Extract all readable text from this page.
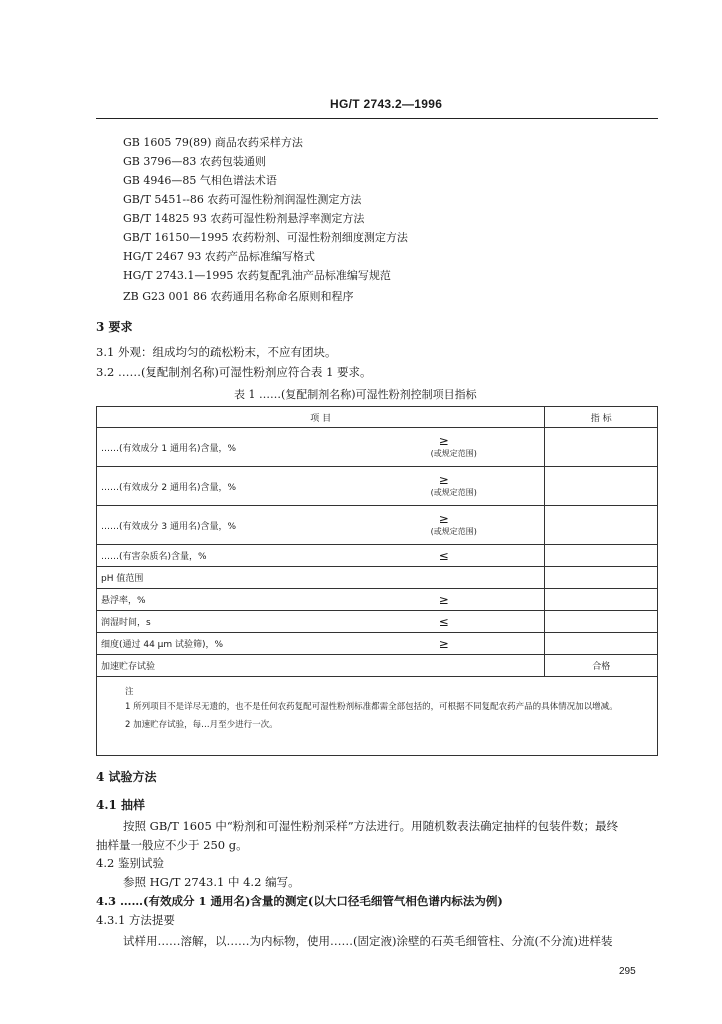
HG/T 2743.2—1996
GB 1605 79(89) 商品农药采样方法
GB 3796—83 农药包装通则
GB 4946—85 气相色谱法术语
GB/T 5451--86 农药可湿性粉剂润湿性测定方法
GB/T 14825 93 农药可湿性粉剂悬浮率测定方法
GB/T 16150—1995 农药粉剂、可湿性粉剂细度测定方法
HG/T 2467 93 农药产品标准编写格式
HG/T 2743.1—1995 农药复配乳油产品标准编写规范
ZB G23 001 86 农药通用名称命名原则和程序
3 要求
3.1 外观：组成均匀的疏松粉末，不应有团块。
3.2 ……(复配制剂名称)可湿性粉剂应符合表 1 要求。
表 1 ……(复配制剂名称)可湿性粉剂控制项目指标
项 目		指 标
……(有效成分 1 通用名)含量，%	≥
(或规定范围)	

……(有效成分 2 通用名)含量，%	≥
(或规定范围)	

……(有效成分 3 通用名)含量，%	≥
(或规定范围)	

……(有害杂质名)含量，%	≤	

pH 值范围	

悬浮率，%	≥	

润湿时间，s	≤	

细度(通过 44 μm 试验筛)，%	≥	

加速贮存试验		合格

注
1 所列项目不是详尽无遗的，也不是任何农药复配可湿性粉剂标准都需全部包括的，可根据不同复配农药产品的具体情况加以增减。
2 加速贮存试验，每…月至少进行一次。		
4 试验方法
4.1 抽样
按照 GB/T 1605 中“粉剂和可湿性粉剂采样”方法进行。用随机数表法确定抽样的包装件数；最终
抽样量一般应不少于 250 g。
4.2 鉴别试验
参照 HG/T 2743.1 中 4.2 编写。
4.3 ……(有效成分 1 通用名)含量的测定(以大口径毛细管气相色谱内标法为例)
4.3.1 方法提要
试样用……溶解，以……为内标物，使用……(固定液)涂壁的石英毛细管柱、分流(不分流)进样装
295
